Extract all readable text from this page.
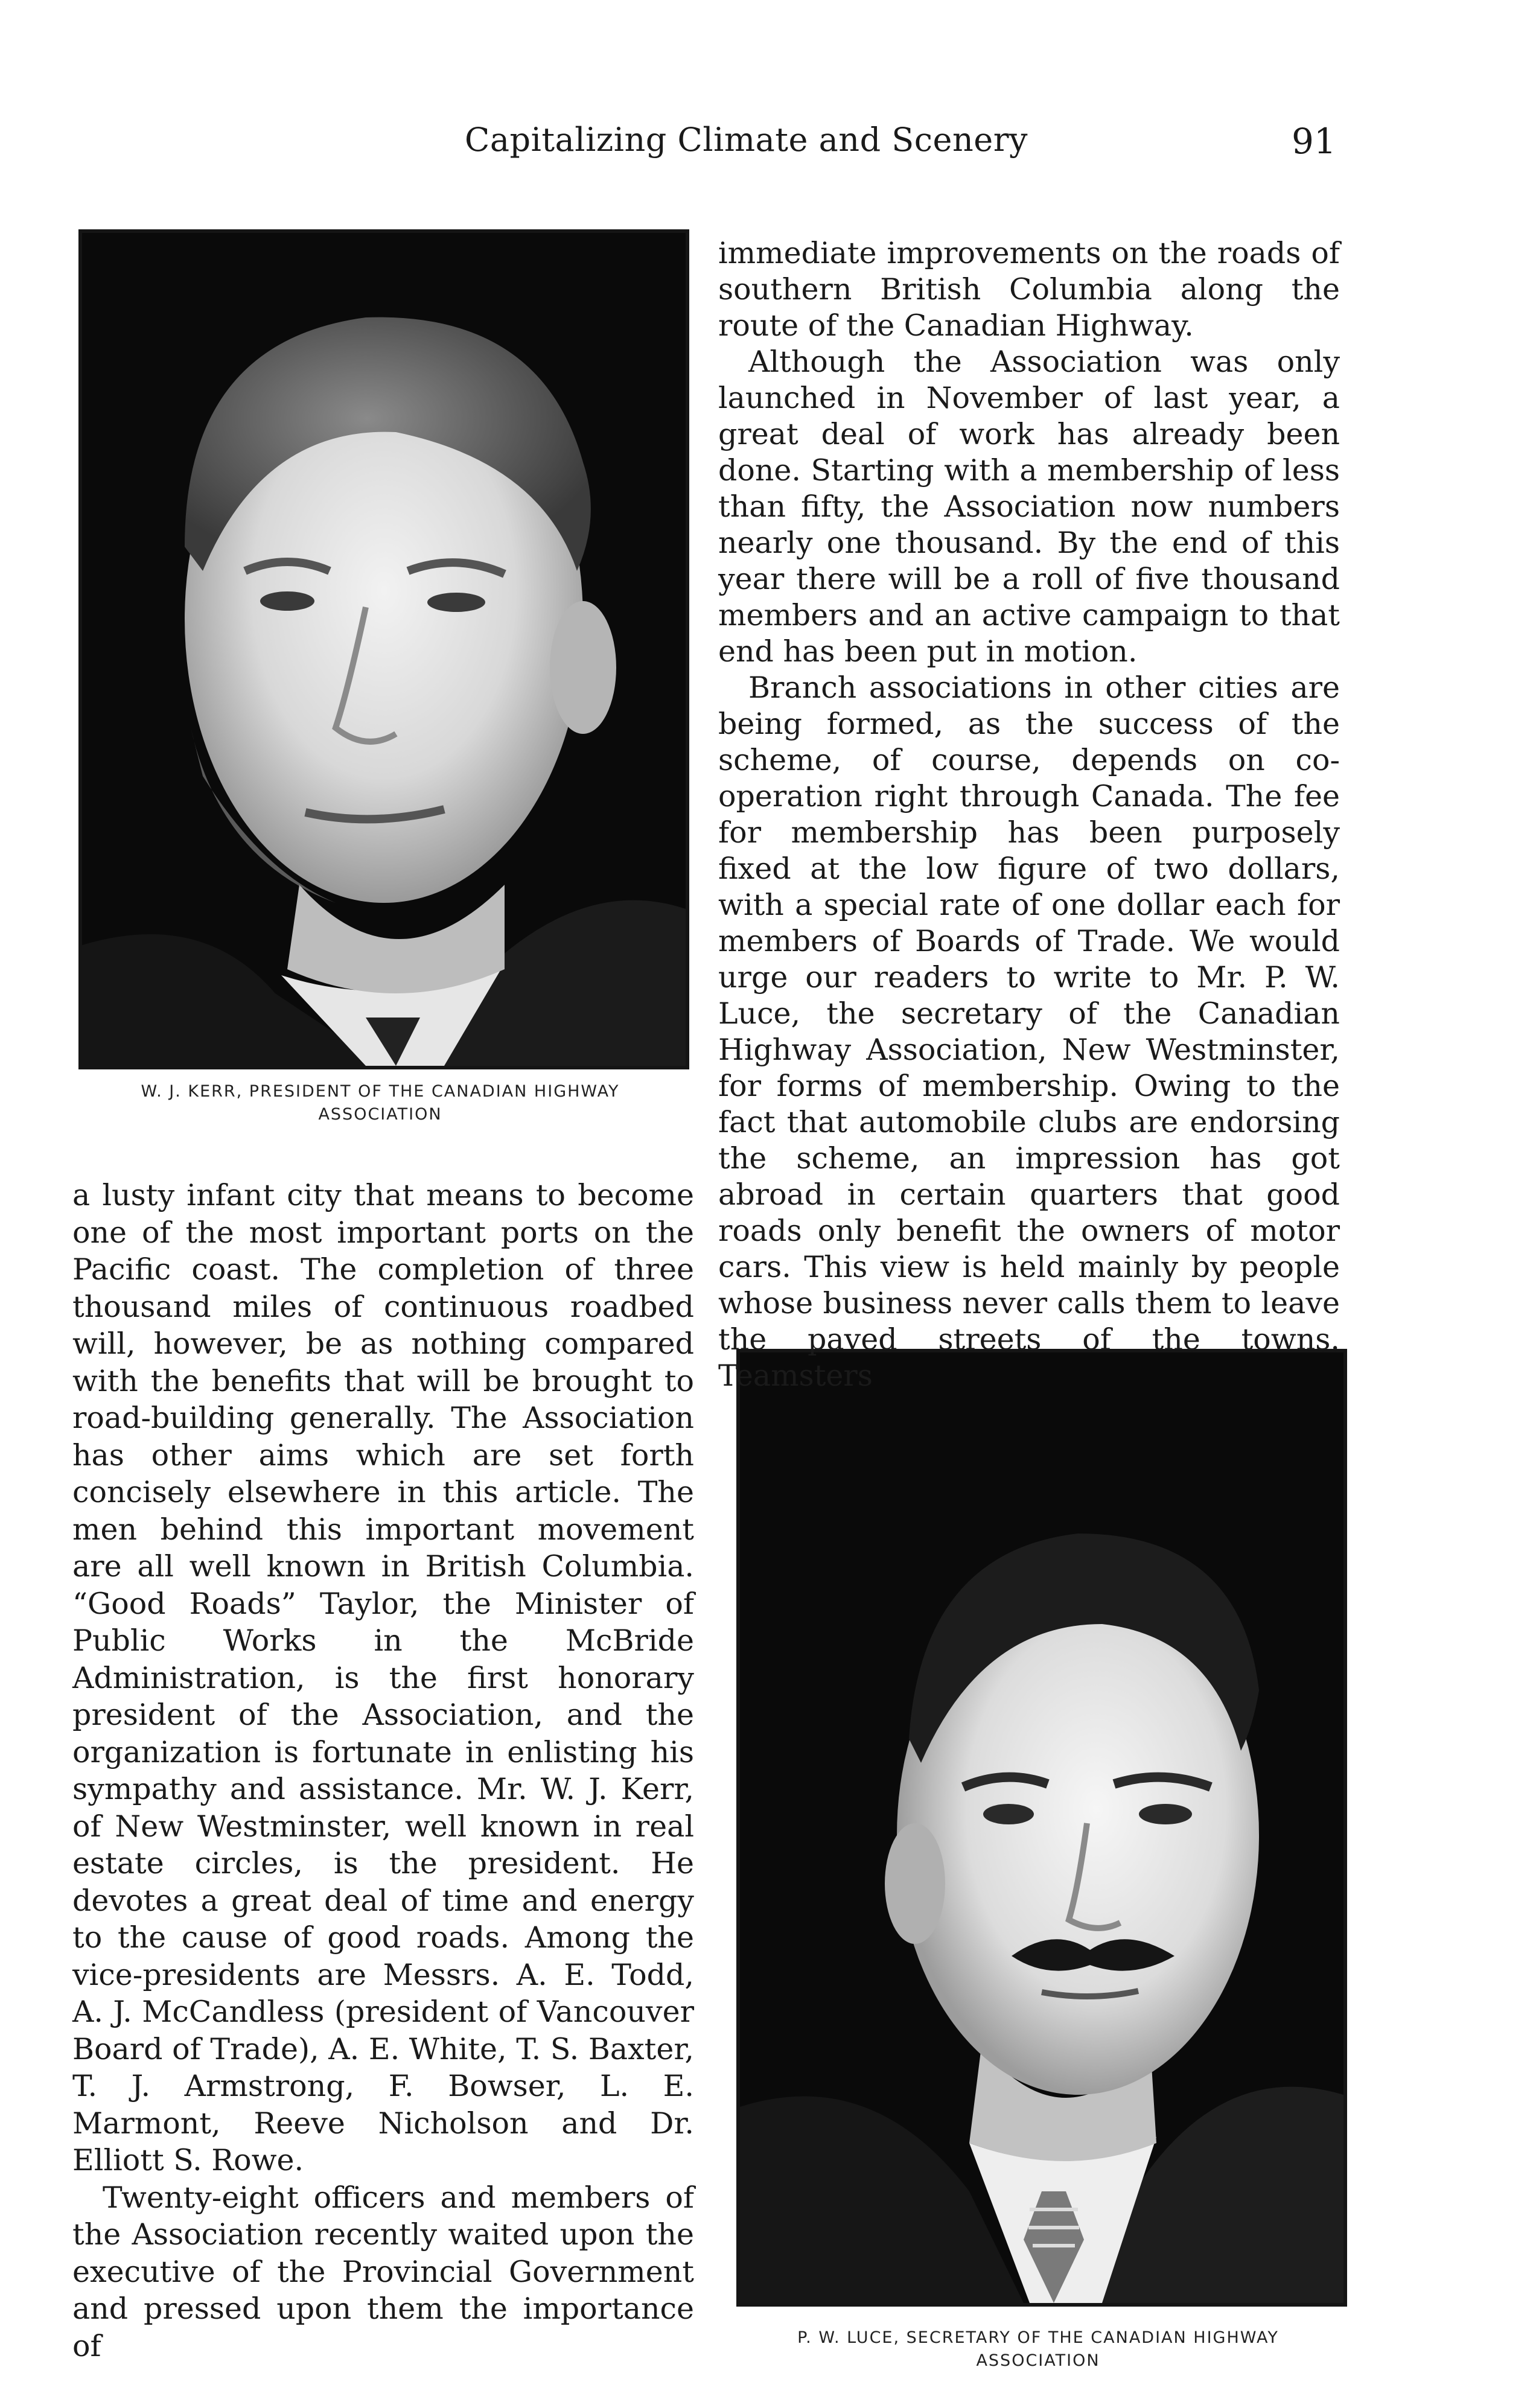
Capitalizing Climate and Scenery	91
W. J. KERR, PRESIDENT OF THE CANADIAN HIGHWAY
ASSOCIATION
P. W. LUCE, SECRETARY OF THE CANADIAN HIGHWAY
ASSOCIATION

a lusty infant city that means to become one of the most important ports on the Pacific coast. The completion of three thousand miles of continuous roadbed will, however, be as nothing compared with the benefits that will be brought to road-building generally. The Association has other aims which are set forth concisely elsewhere in this article. The men behind this important movement are all well known in British Columbia. “Good Roads” Taylor, the Minister of Public Works in the McBride Administration, is the first honorary president of the Association, and the organization is fortunate in enlisting his sympathy and assistance. Mr. W. J. Kerr, of New Westminster, well known in real estate circles, is the president. He devotes a great deal of time and energy to the cause of good roads. Among the vice-presidents are Messrs. A. E. Todd, A. J. McCandless (president of Vancouver Board of Trade), A. E. White, T. S. Baxter, T. J. Armstrong, F. Bowser, L. E. Marmont, Reeve Nicholson and Dr. Elliott S. Rowe.

Twenty-eight officers and members of the Association recently waited upon the executive of the Provincial Government and pressed upon them the importance of

immediate improvements on the roads of southern British Columbia along the route of the Canadian Highway.

Although the Association was only launched in November of last year, a great deal of work has already been done. Starting with a membership of less than fifty, the Association now numbers nearly one thousand. By the end of this year there will be a roll of five thousand members and an active campaign to that end has been put in motion.

Branch associations in other cities are being formed, as the success of the scheme, of course, depends on co-operation right through Canada. The fee for membership has been purposely fixed at the low figure of two dollars, with a special rate of one dollar each for members of Boards of Trade. We would urge our readers to write to Mr. P. W. Luce, the secretary of the Canadian Highway Association, New Westminster, for forms of membership. Owing to the fact that automobile clubs are endorsing the scheme, an impression has got abroad in certain quarters that good roads only benefit the owners of motor cars. This view is held mainly by people whose business never calls them to leave the paved streets of the towns. Teamsters
